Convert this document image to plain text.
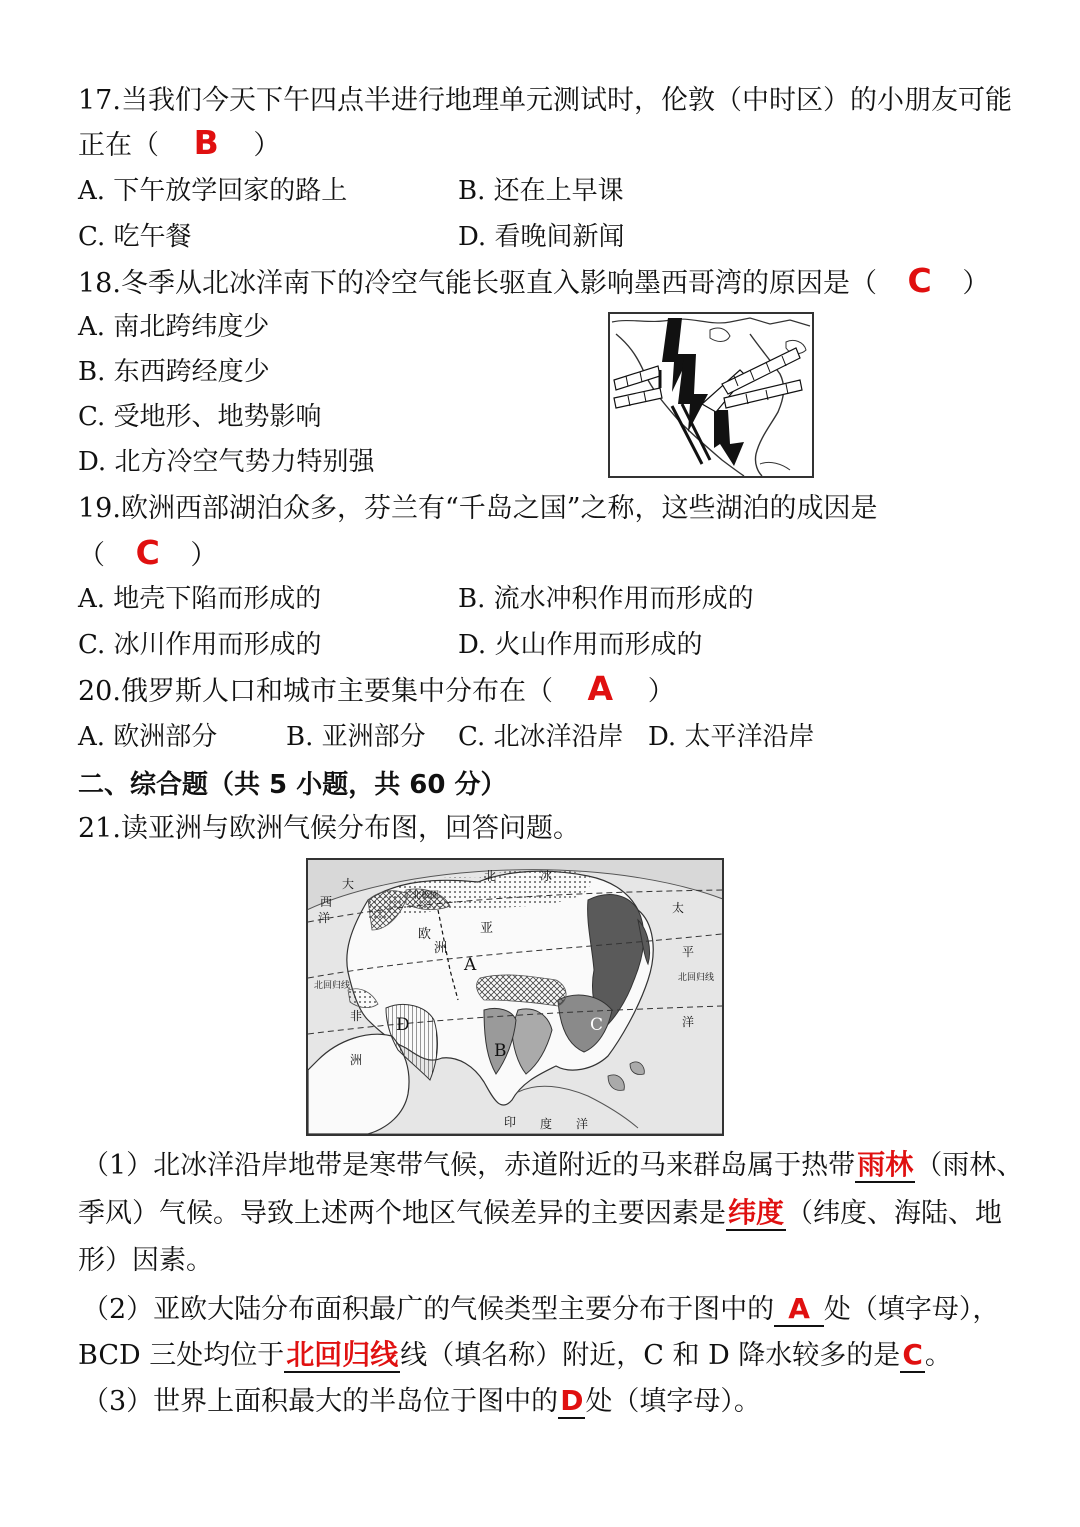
17.当我们今天下午四点半进行地理单元测试时，伦敦（中时区）的小朋友可能
正在（ B ）
A. 下午放学回家的路上	B. 还在上早课
C. 吃午餐	D. 看晚间新闻
18.冬季从北冰洋南下的冷空气能长驱直入影响墨西哥湾的原因是（ C ）
A. 南北跨纬度少
B. 东西跨经度少
C. 受地形、地势影响
D. 北方冷空气势力特别强
19.欧洲西部湖泊众多，芬兰有“千岛之国”之称，这些湖泊的成因是
（ C ）
A. 地壳下陷而形成的	B. 流水冲积作用而形成的
C. 冰川作用而形成的	D. 火山作用而形成的
20.俄罗斯人口和城市主要集中分布在（ A ）
A. 欧洲部分	B. 亚洲部分 C. 北冰洋沿岸 D. 太平洋沿岸
二、综合题（共 5 小题，共 60 分）
21.读亚洲与欧洲气候分布图，回答问题。
西
大
洋
北	冰
欧
洲
亚
非
洲
太
平
洋
印 度 洋
北极圈
北回归线
北回归线
A
B
C
D
（1）北冰洋沿岸地带是寒带气候，赤道附近的马来群岛属于热带雨林（雨林、
季风）气候。导致上述两个地区气候差异的主要因素是纬度（纬度、海陆、地
形）因素。
（2）亚欧大陆分布面积最广的气候类型主要分布于图中的 A 处（填字母），
BCD 三处均位于北回归线线（填名称）附近，C 和 D 降水较多的是C。
（3）世界上面积最大的半岛位于图中的D处（填字母）。
